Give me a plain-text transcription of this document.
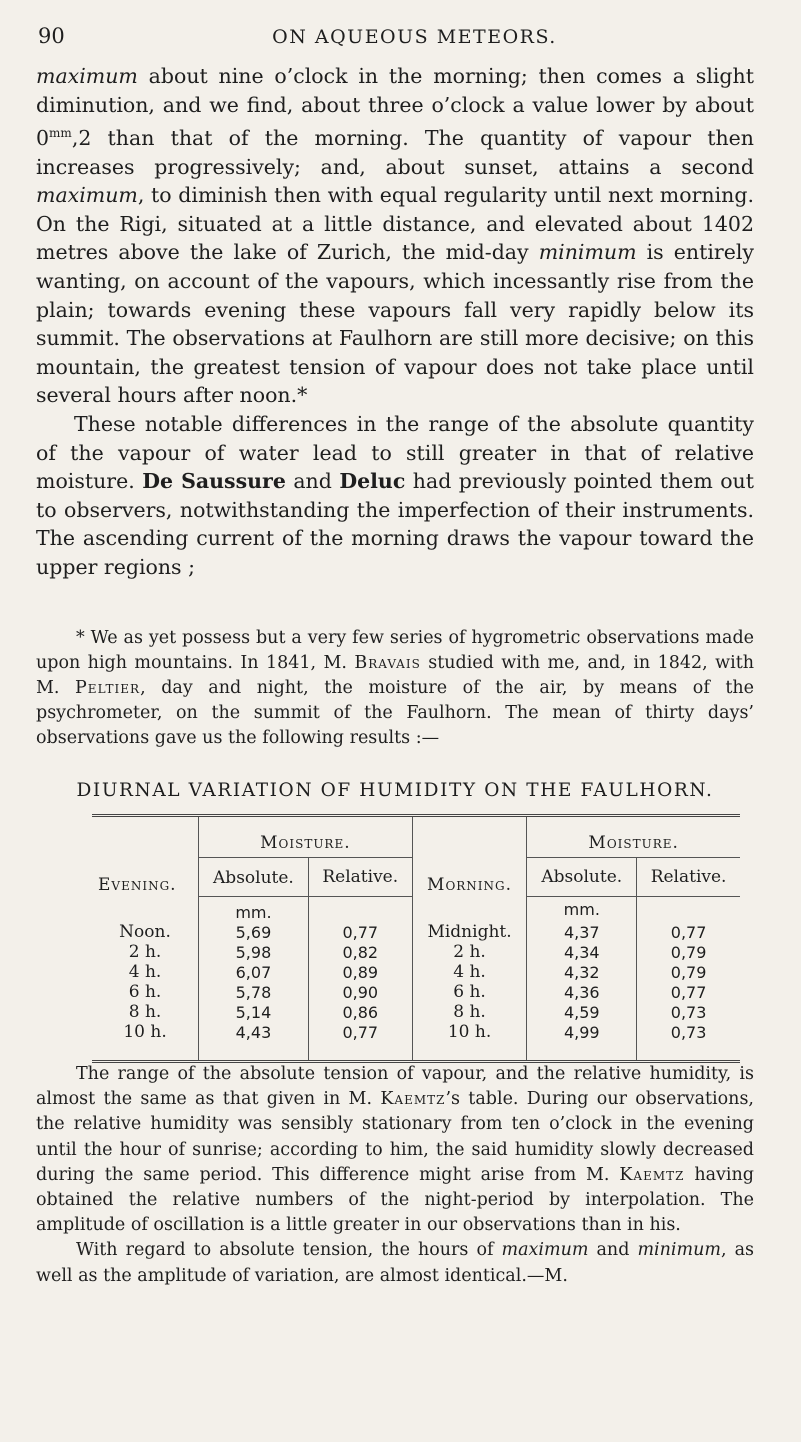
90	ON AQUEOUS METEORS.

maximum about nine o’clock in the morning; then comes a slight diminution, and we find, about three o’clock a value lower by about $0^{mm},2$ than that of the morning. The quantity of vapour then increases progressively; and, about sunset, attains a second maximum, to diminish then with equal regularity until next morning. On the Rigi, situated at a little distance, and elevated about 1402 metres above the lake of Zurich, the mid-day minimum is entirely wanting, on account of the vapours, which incessantly rise from the plain; towards evening these vapours fall very rapidly below its summit. The observations at Faulhorn are still more decisive; on this mountain, the greatest tension of vapour does not take place until several hours after noon.*

These notable differences in the range of the absolute quantity of the vapour of water lead to still greater in that of relative moisture. De Saussure and Deluc had previously pointed them out to observers, notwithstanding the imperfection of their instruments. The ascending current of the morning draws the vapour toward the upper regions ;

* We as yet possess but a very few series of hygrometric observations made upon high mountains. In 1841, M. Bravais studied with me, and, in 1842, with M. Peltier, day and night, the moisture of the air, by means of the psychrometer, on the summit of the Faulhorn. The mean of thirty days’ observations gave us the following results :—

DIURNAL VARIATION OF HUMIDITY ON THE FAULHORN.
Evening.	Moisture.		Morning.	Moisture.	
	Absolute.	Relative.		Absolute.	Relative.
	mm.			mm.	
Noon.	5,69	0,77	Midnight.	4,37	0,77
2 h.	5,98	0,82	2 h.	4,34	0,79
4 h.	6,07	0,89	4 h.	4,32	0,79
6 h.	5,78	0,90	6 h.	4,36	0,77
8 h.	5,14	0,86	8 h.	4,59	0,73
10 h.	4,43	0,77	10 h.	4,99	0,73

The range of the absolute tension of vapour, and the relative humidity, is almost the same as that given in M. Kaemtz’s table. During our observations, the relative humidity was sensibly stationary from ten o’clock in the evening until the hour of sunrise; according to him, the said humidity slowly decreased during the same period. This difference might arise from M. Kaemtz having obtained the relative numbers of the night-period by interpolation. The amplitude of oscillation is a little greater in our observations than in his.

With regard to absolute tension, the hours of maximum and minimum, as well as the amplitude of variation, are almost identical.—M.
